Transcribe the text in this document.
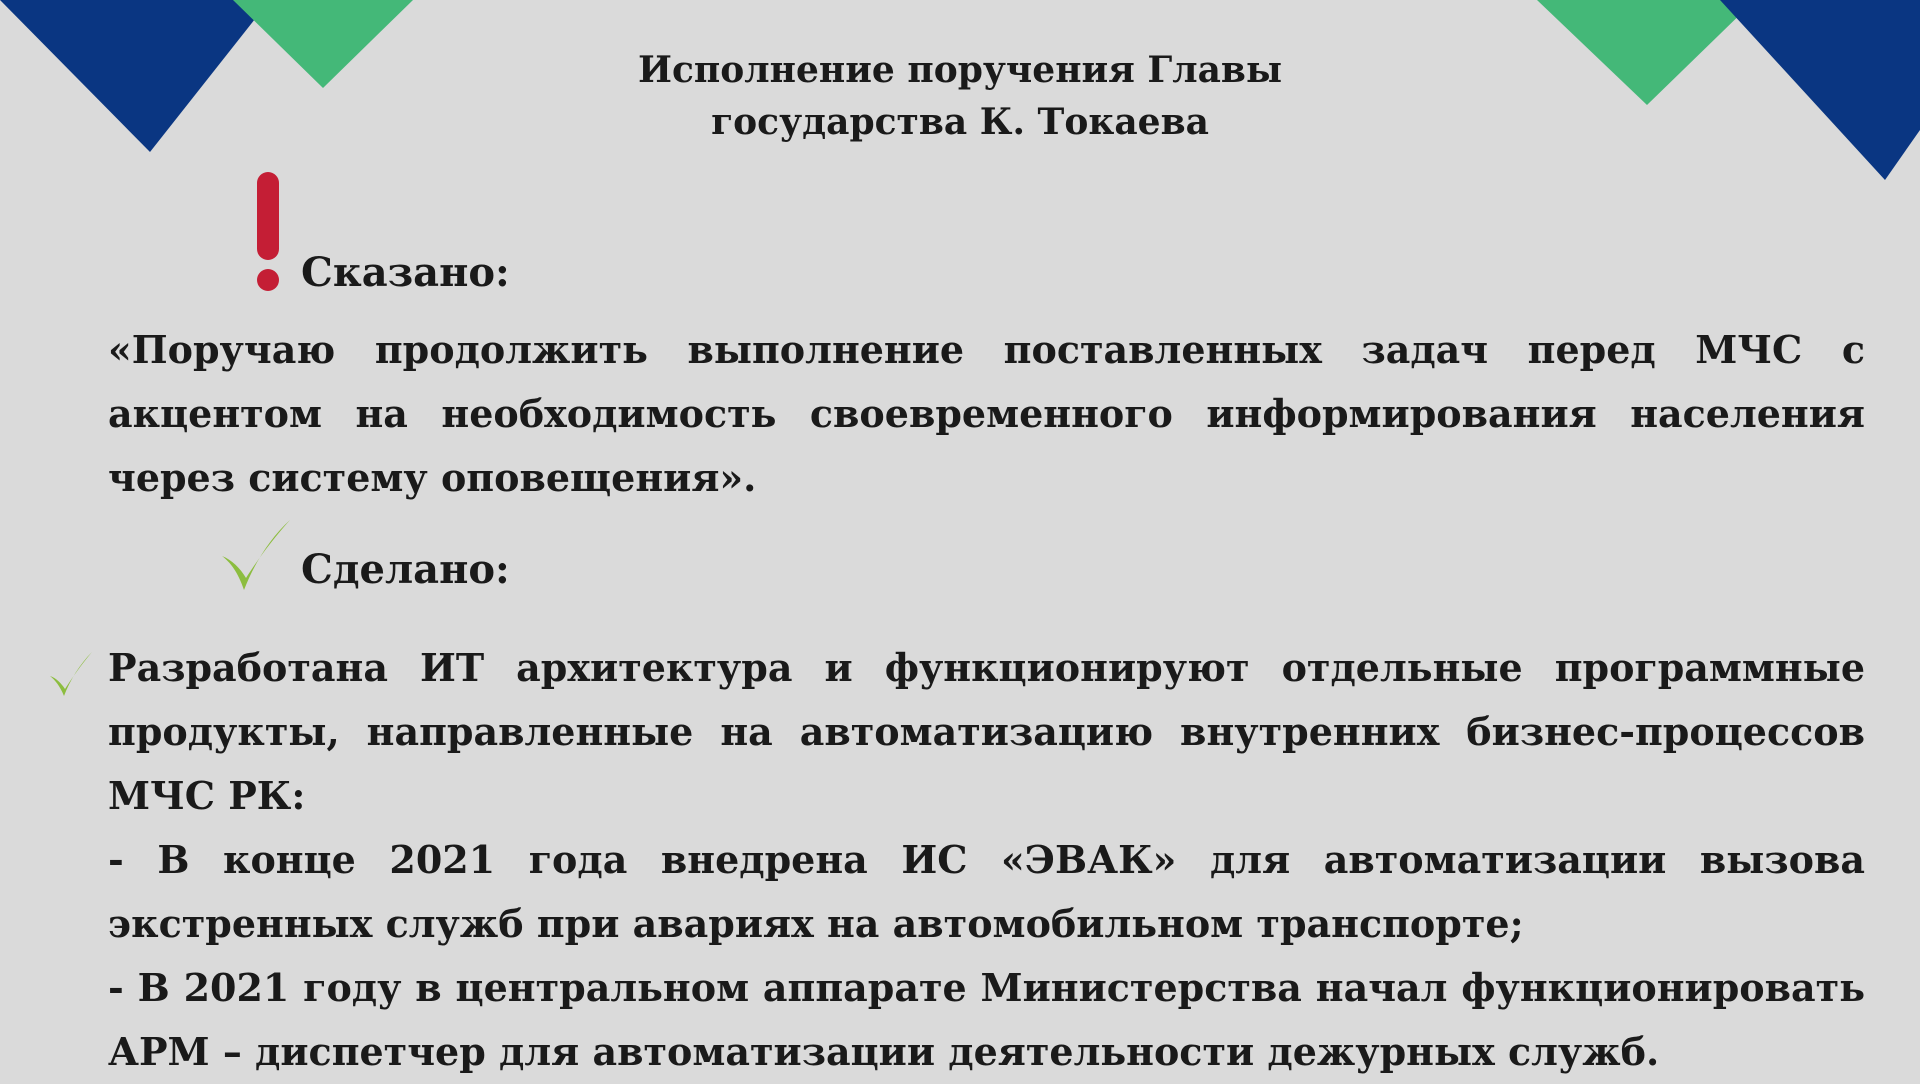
Исполнение поручения Главы
государства К. Токаева
Сказано:

«Поручаю продолжить выполнение поставленных задач перед МЧС с акцентом на необходимость своевременного информирования населения через систему оповещения».

Сделано:
Разработана ИТ архитектура и функционируют отдельные программные продукты, направленные на автоматизацию внутренних бизнес-процессов МЧС РК:
- В конце 2021 года внедрена ИС «ЭВАК» для автоматизации вызова экстренных служб при авариях на автомобильном транспорте;
- В 2021 году в центральном аппарате Министерства начал функционировать АРМ – диспетчер для автоматизации деятельности дежурных служб.
